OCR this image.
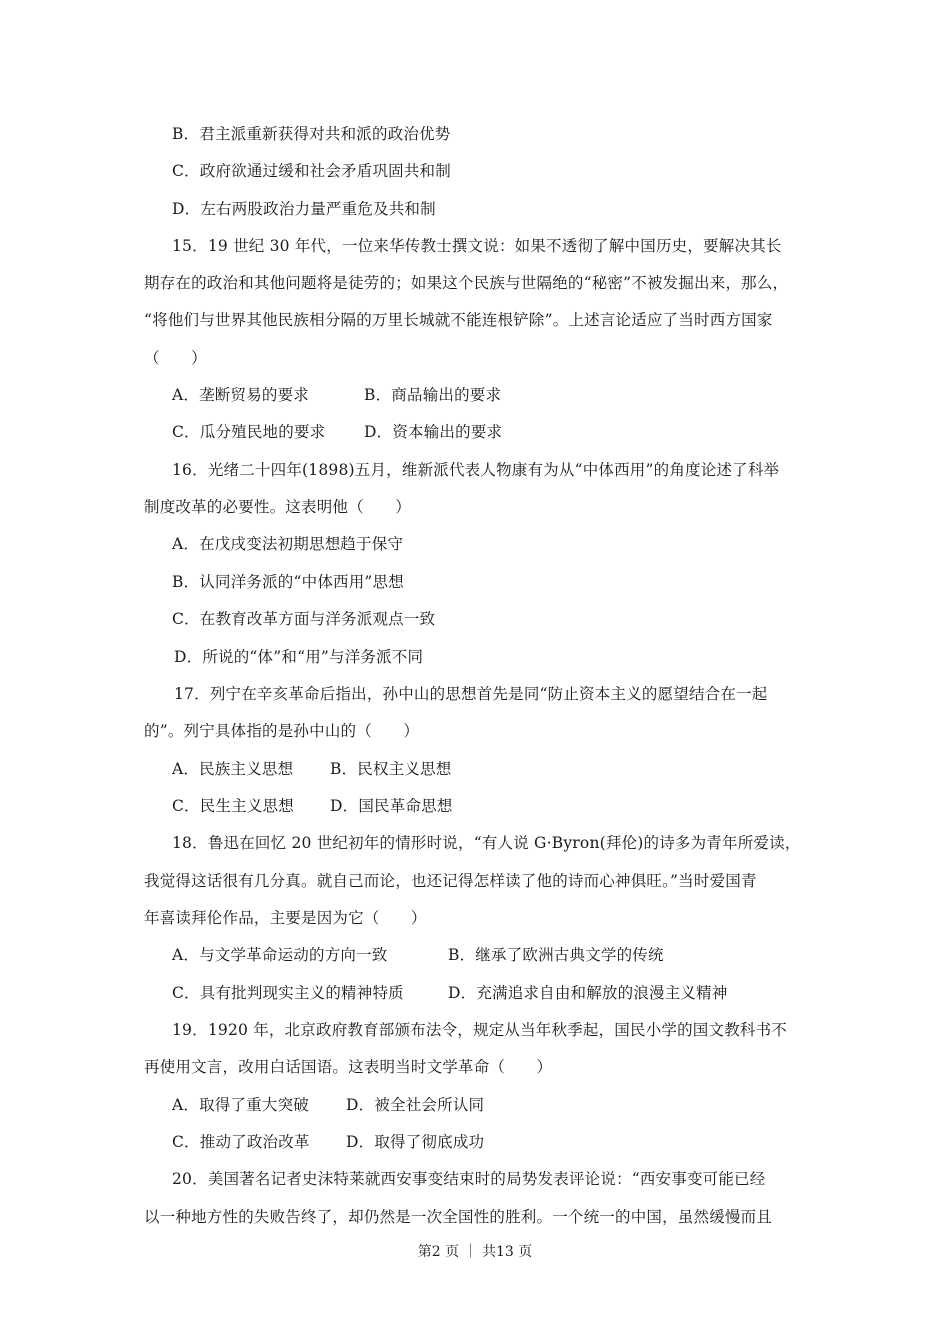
B．君主派重新获得对共和派的政治优势
C．政府欲通过缓和社会矛盾巩固共和制
D．左右两股政治力量严重危及共和制
15．19 世纪 30 年代，一位来华传教士撰文说：如果不透彻了解中国历史，要解决其长
期存在的政治和其他问题将是徒劳的；如果这个民族与世隔绝的“秘密”不被发掘出来，那么，
“将他们与世界其他民族相分隔的万里长城就不能连根铲除”。上述言论适应了当时西方国家
（　　）
A．垄断贸易的要求	B．商品输出的要求
C．瓜分殖民地的要求 D．资本输出的要求
16．光绪二十四年(1898)五月，维新派代表人物康有为从“中体西用”的角度论述了科举
制度改革的必要性。这表明他（　　）
A．在戊戌变法初期思想趋于保守
B．认同洋务派的“中体西用”思想
C．在教育改革方面与洋务派观点一致
D．所说的“体”和“用”与洋务派不同
17．列宁在辛亥革命后指出，孙中山的思想首先是同“防止资本主义的愿望结合在一起
的”。列宁具体指的是孙中山的（　　）
A．民族主义思想 B．民权主义思想
C．民生主义思想 D．国民革命思想
18．鲁迅在回忆 20 世纪初年的情形时说，“有人说 G·Byron(拜伦)的诗多为青年所爱读，
我觉得这话很有几分真。就自己而论，也还记得怎样读了他的诗而心神俱旺。”当时爱国青
年喜读拜伦作品，主要是因为它（　　）
A．与文学革命运动的方向一致	B．继承了欧洲古典文学的传统
C．具有批判现实主义的精神特质	D．充满追求自由和解放的浪漫主义精神
19．1920 年，北京政府教育部颁布法令，规定从当年秋季起，国民小学的国文教科书不
再使用文言，改用白话国语。这表明当时文学革命（　　）
A．取得了重大突破 D．被全社会所认同
C．推动了政治改革 D．取得了彻底成功
20．美国著名记者史沫特莱就西安事变结束时的局势发表评论说：“西安事变可能已经
以一种地方性的失败告终了，却仍然是一次全国性的胜利。一个统一的中国，虽然缓慢而且
第2 页 ｜ 共13 页
